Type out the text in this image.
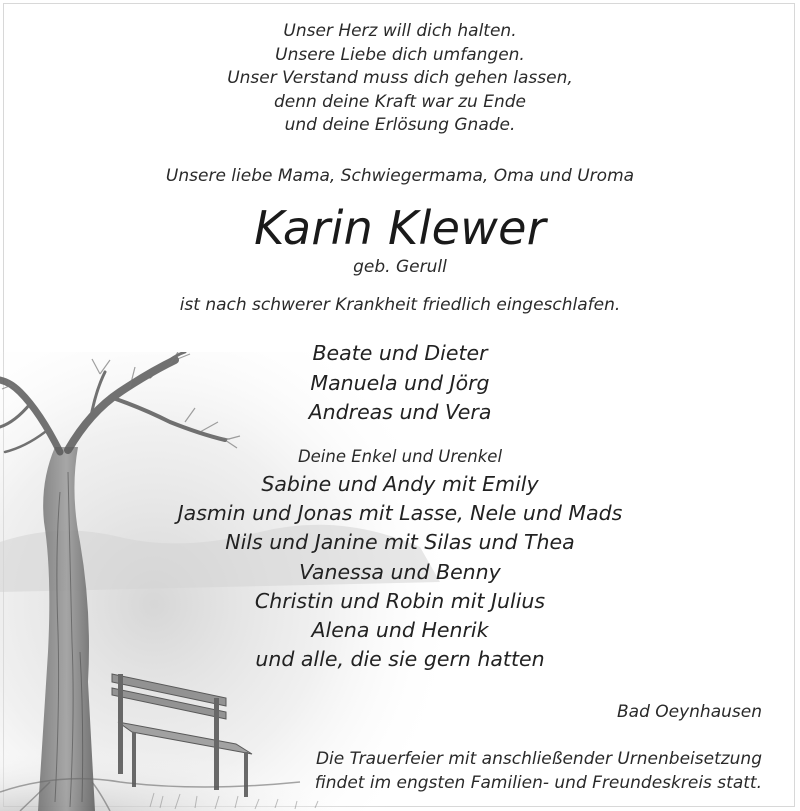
Unser Herz will dich halten.
Unsere Liebe dich umfangen.
Unser Verstand muss dich gehen lassen,
denn deine Kraft war zu Ende
und deine Erlösung Gnade.
Unsere liebe Mama, Schwiegermama, Oma und Uroma
Karin Klewer
geb. Gerull
ist nach schwerer Krankheit friedlich eingeschlafen.
Beate und Dieter
Manuela und Jörg
Andreas und Vera
Deine Enkel und Urenkel
Sabine und Andy mit Emily
Jasmin und Jonas mit Lasse, Nele und Mads
Nils und Janine mit Silas und Thea
Vanessa und Benny
Christin und Robin mit Julius
Alena und Henrik
und alle, die sie gern hatten
Bad Oeynhausen
Die Trauerfeier mit anschließender Urnenbeisetzung
findet im engsten Familien- und Freundeskreis statt.
